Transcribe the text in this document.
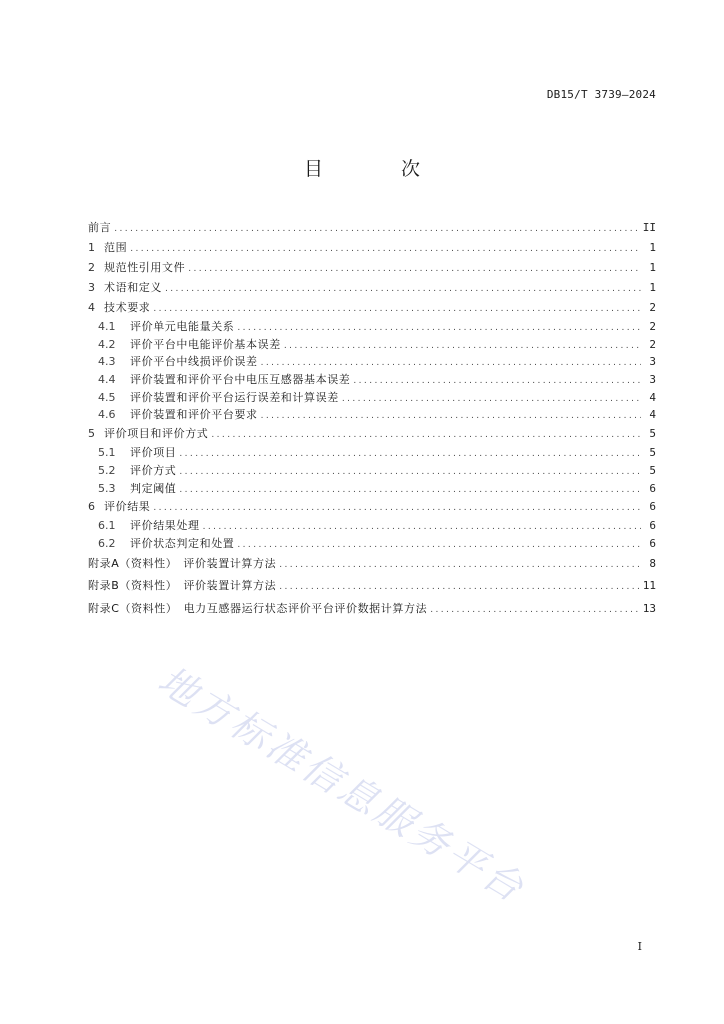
DB15/T 3739—2024
目 次
前言 .....	II
1 范围 .....	1
2 规范性引用文件 .....	1
3 术语和定义 .....	1
4 技术要求 .....	2
4.1	评价单元电能量关系 .....	2
4.2	评价平台中电能评价基本误差 .....	2
4.3	评价平台中线损评价误差 .....	3
4.4	评价装置和评价平台中电压互感器基本误差 .....	3
4.5	评价装置和评价平台运行误差和计算误差 .....	4
4.6	评价装置和评价平台要求 .....	4
5 评价项目和评价方式 .....	5
5.1	评价项目 .....	5
5.2	评价方式 .....	5
5.3	判定阈值 .....	6
6 评价结果 .....	6
6.1	评价结果处理 .....	6
6.2	评价状态判定和处置 .....	6
附录A（资料性）　评价装置计算方法 .....	8
附录B（资料性）　评价装置计算方法 .....	11
附录C（资料性）　电力互感器运行状态评价平台评价数据计算方法 .....	13
地方标准信息服务平台
I
